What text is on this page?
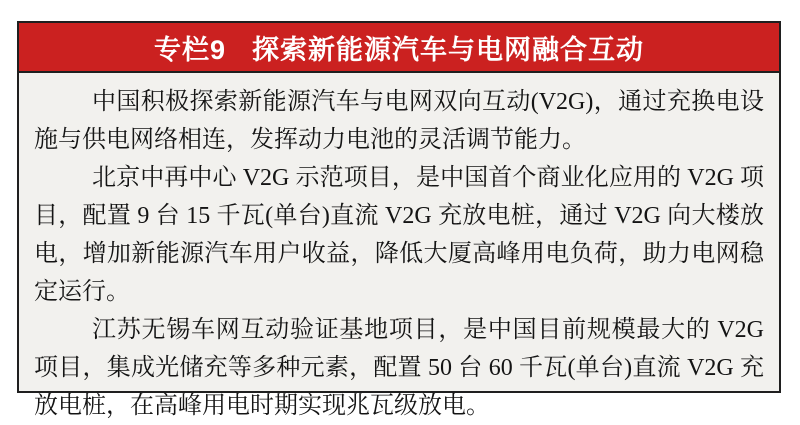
专栏9 探索新能源汽车与电网融合互动

中国积极探索新能源汽车与电网双向互动(V2G)，通过充换电设施与供电网络相连，发挥动力电池的灵活调节能力。

北京中再中心 V2G 示范项目，是中国首个商业化应用的 V2G 项目，配置 9 台 15 千瓦(单台)直流 V2G 充放电桩，通过 V2G 向大楼放电，增加新能源汽车用户收益，降低大厦高峰用电负荷，助力电网稳定运行。

江苏无锡车网互动验证基地项目，是中国目前规模最大的 V2G 项目，集成光储充等多种元素，配置 50 台 60 千瓦(单台)直流 V2G 充放电桩，在高峰用电时期实现兆瓦级放电。
